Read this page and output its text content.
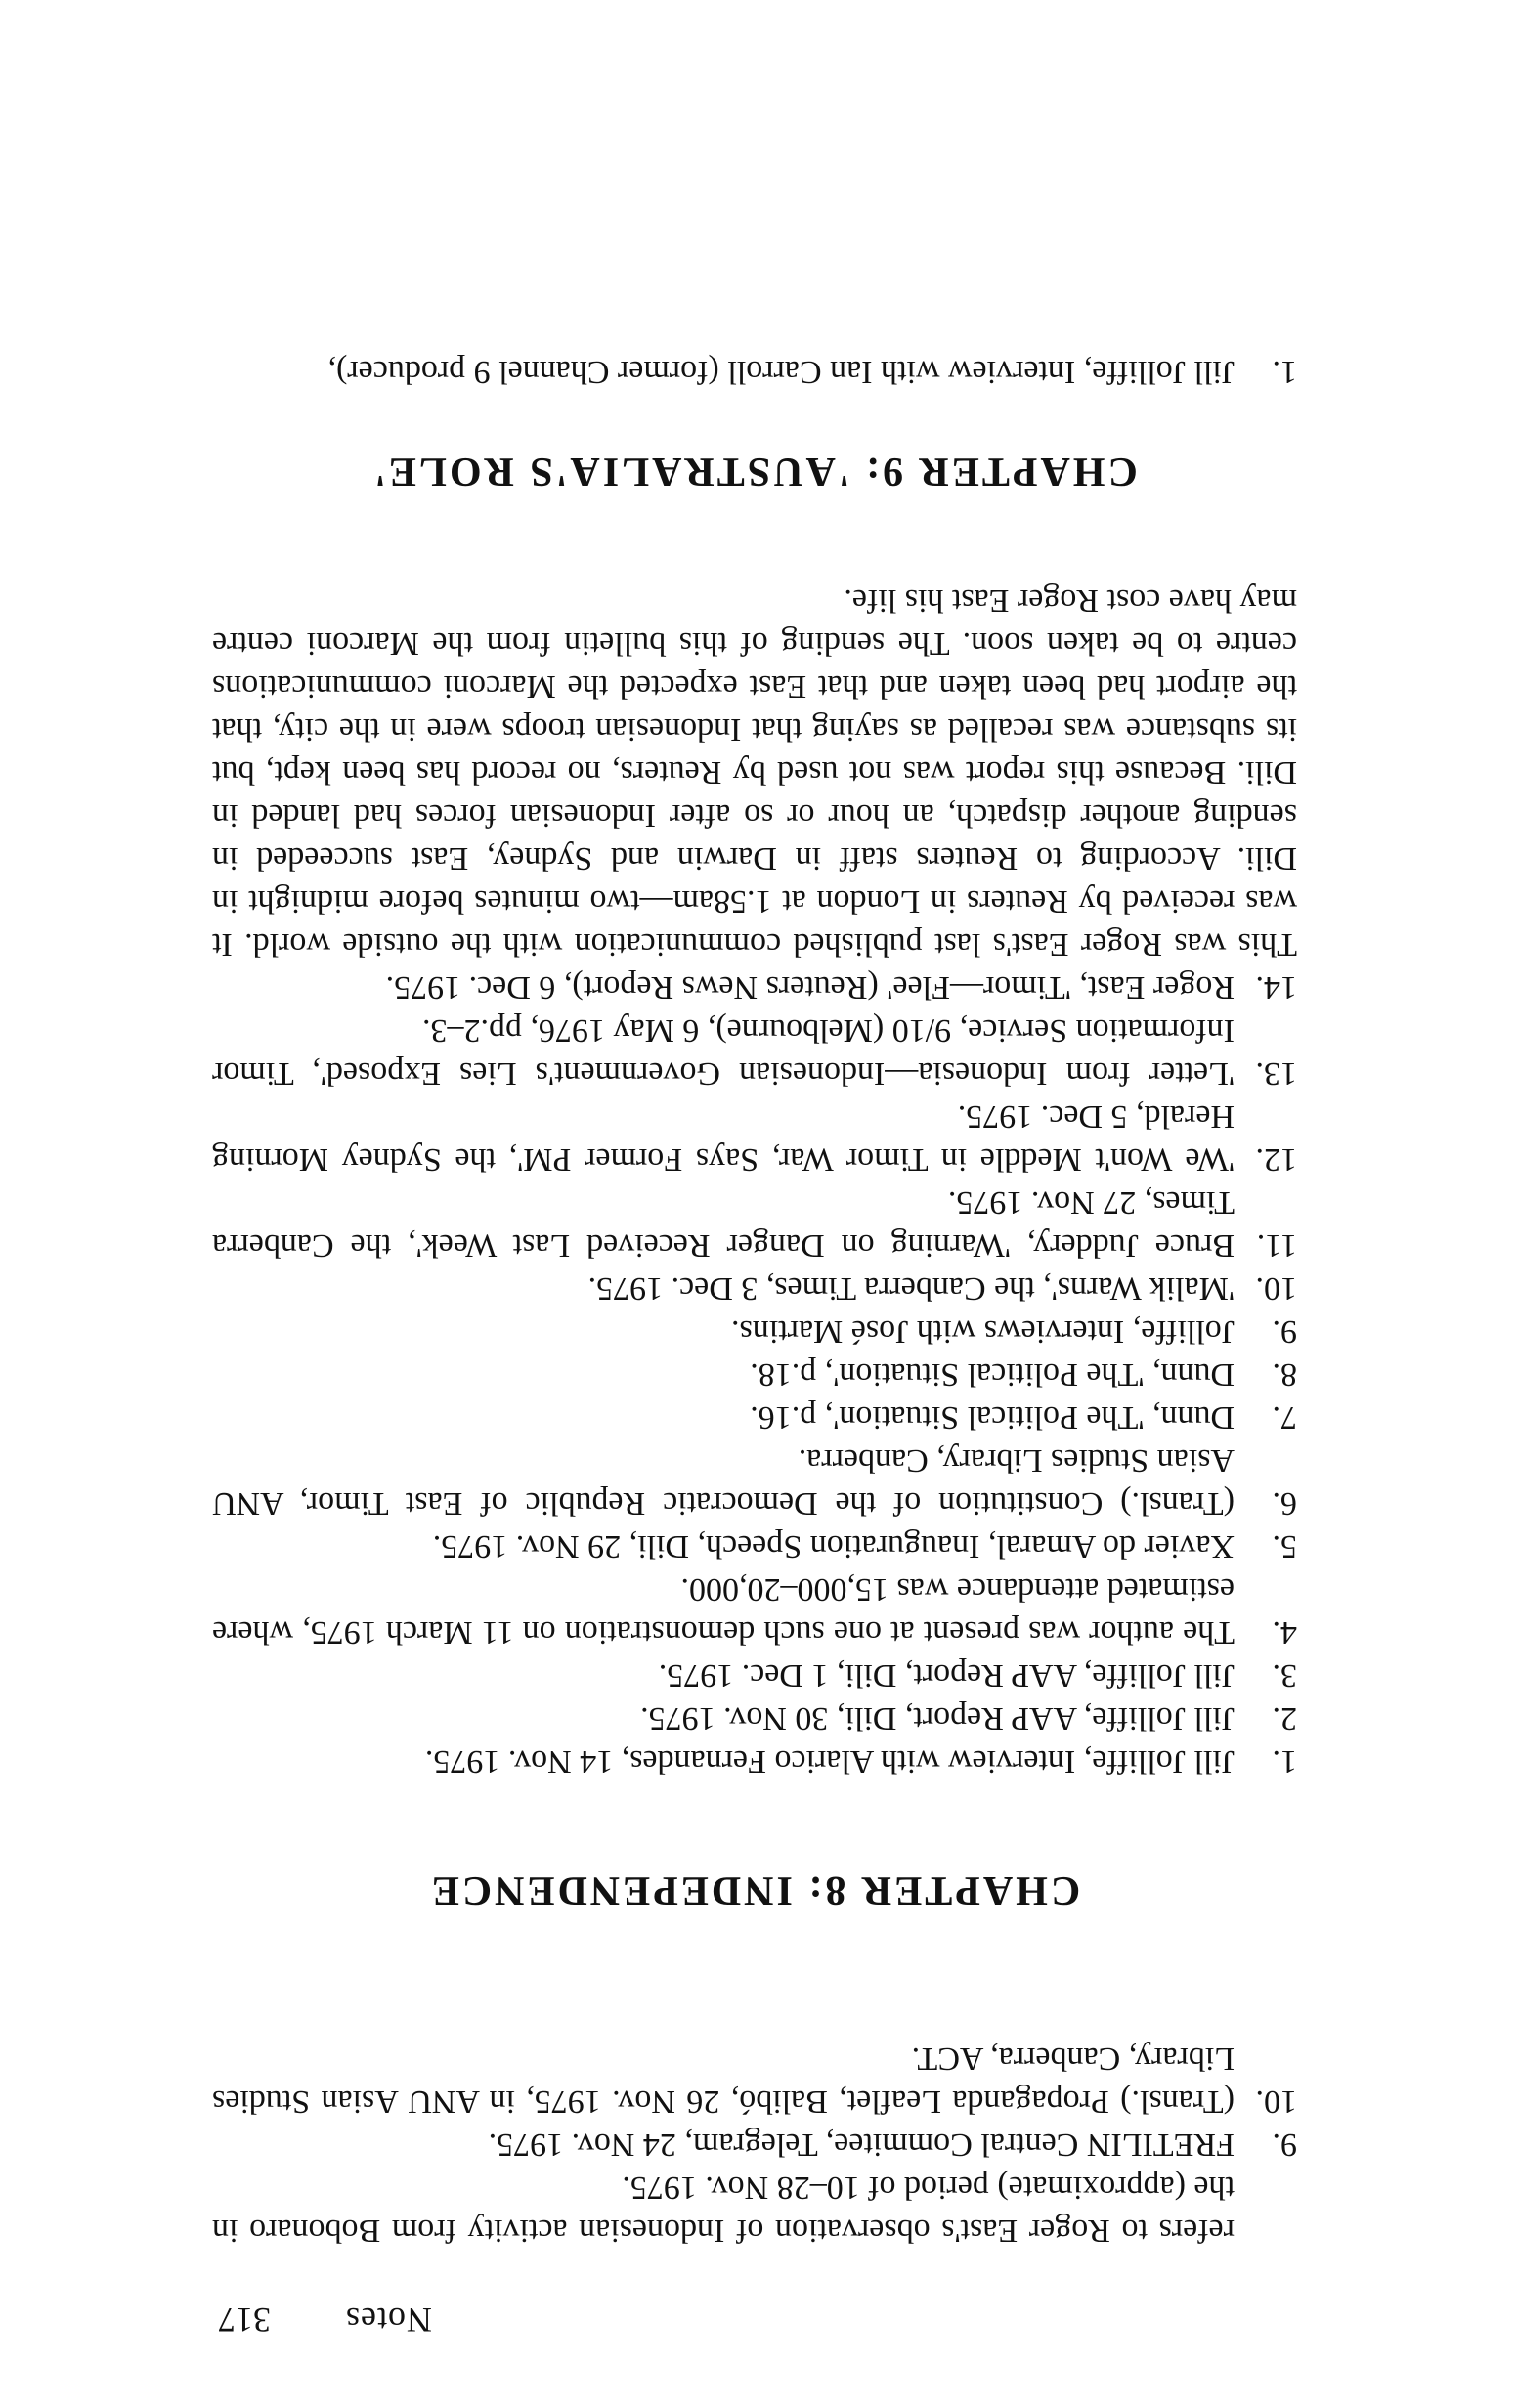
Notes
317

refers to Roger East's observation of Indonesian activity from Bobonaro in the (approximate) period of 10–28 Nov. 1975.

9.
FRETILIN Central Commitee, Telegram, 24 Nov. 1975.

10.
(Transl.) Propaganda Leaflet, Balibó, 26 Nov. 1975, in ANU Asian Studies Library, Canberra, ACT.

CHAPTER 8: INDEPENDENCE

1.
Jill Jolliffe, Interview with Alarico Fernandes, 14 Nov. 1975.

2.
Jill Jolliffe, AAP Report, Dili, 30 Nov. 1975.

3.
Jill Jolliffe, AAP Report, Dili, 1 Dec. 1975.

4.
The author was present at one such demonstration on 11 March 1975, where estimated attendance was 15,000–20,000.

5.
Xavier do Amaral, Inauguration Speech, Dili, 29 Nov. 1975.

6.
(Transl.) Constitution of the Democratic Republic of East Timor, ANU Asian Studies Library, Canberra.

7.
Dunn, 'The Political Situation', p.16.

8.
Dunn, 'The Political Situation', p.18.

9.
Jolliffe, Interviews with José Martins.

10.
'Malik Warns', the Canberra Times, 3 Dec. 1975.

11.
Bruce Juddery, 'Warning on Danger Received Last Week', the Canberra Times, 27 Nov. 1975.

12.
'We Won't Meddle in Timor War, Says Former PM', the Sydney Morning Herald, 5 Dec. 1975.

13.
'Letter from Indonesia—Indonesian Government's Lies Exposed', Timor Information Service, 9/10 (Melbourne), 6 May 1976, pp.2–3.

14.
Roger East, 'Timor—Flee' (Reuters News Report), 6 Dec. 1975.

This was Roger East's last published communication with the outside world. It was received by Reuters in London at 1.58am—two minutes before midnight in Dili. According to Reuters staff in Darwin and Sydney, East succeeded in sending another dispatch, an hour or so after Indonesian forces had landed in Dili. Because this report was not used by Reuters, no record has been kept, but its substance was recalled as saying that Indonesian troops were in the city, that the airport had been taken and that East expected the Marconi communications centre to be taken soon. The sending of this bulletin from the Marconi centre may have cost Roger East his life.

CHAPTER 9: 'AUSTRALIA'S ROLE'

1.
Jill Jolliffe, Interview with Ian Carroll (former Channel 9 producer),
